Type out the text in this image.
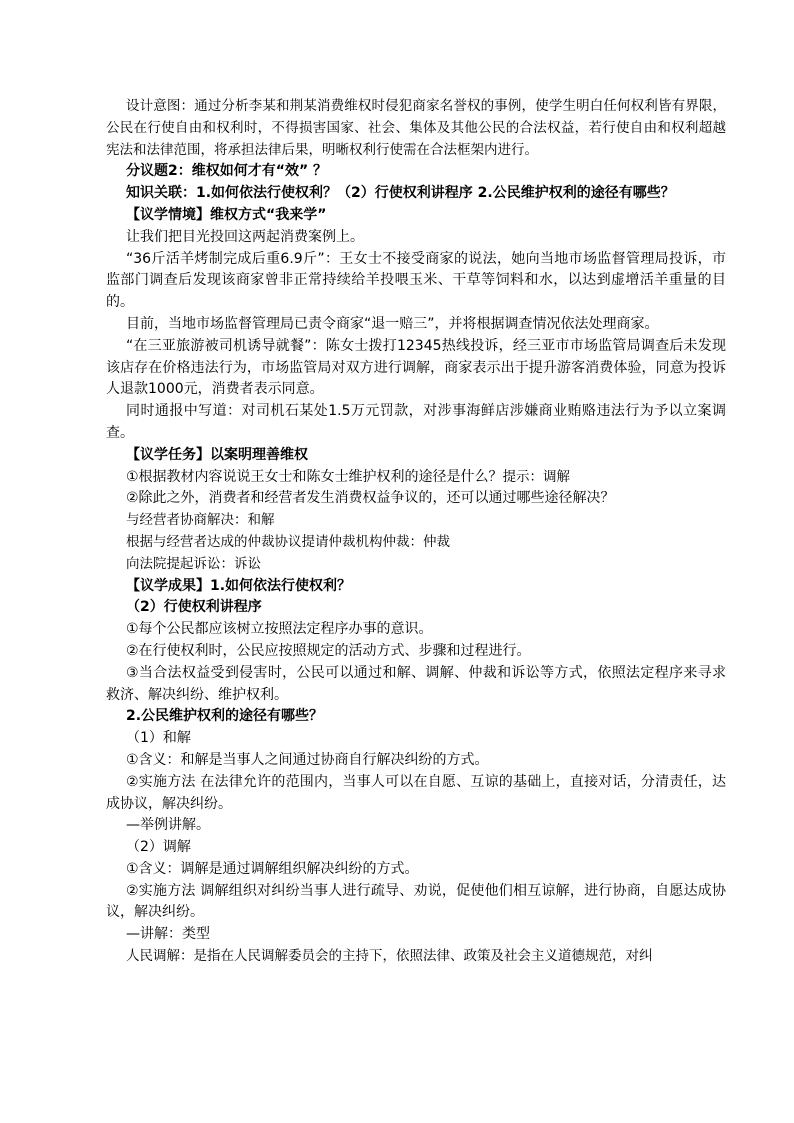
设计意图：通过分析李某和荆某消费维权时侵犯商家名誉权的事例，使学生明白任何权利皆有界限，公民在行使自由和权利时，不得损害国家、社会、集体及其他公民的合法权益，若行使自由和权利超越宪法和法律范围，将承担法律后果，明晰权利行使需在合法框架内进行。

分议题2：维权如何才有“效” ？

知识关联：1.如何依法行使权利？（2）行使权利讲程序 2.公民维护权利的途径有哪些？

【议学情境】维权方式“我来学”

让我们把目光投回这两起消费案例上。

“36斤活羊烤制完成后重6.9斤”：王女士不接受商家的说法，她向当地市场监督管理局投诉，市监部门调查后发现该商家曾非正常持续给羊投喂玉米、干草等饲料和水，以达到虚增活羊重量的目的。

目前，当地市场监督管理局已责令商家“退一赔三”，并将根据调查情况依法处理商家。

“在三亚旅游被司机诱导就餐”：陈女士拨打12345热线投诉，经三亚市市场监管局调查后未发现该店存在价格违法行为，市场监管局对双方进行调解，商家表示出于提升游客消费体验，同意为投诉人退款1000元，消费者表示同意。

同时通报中写道：对司机石某处1.5万元罚款，对涉事海鲜店涉嫌商业贿赂违法行为予以立案调查。

【议学任务】以案明理善维权

①根据教材内容说说王女士和陈女士维护权利的途径是什么？提示：调解

②除此之外，消费者和经营者发生消费权益争议的，还可以通过哪些途径解决？

与经营者协商解决：和解

根据与经营者达成的仲裁协议提请仲裁机构仲裁：仲裁

向法院提起诉讼：诉讼

【议学成果】1.如何依法行使权利？

（2）行使权利讲程序

①每个公民都应该树立按照法定程序办事的意识。

②在行使权利时，公民应按照规定的活动方式、步骤和过程进行。

③当合法权益受到侵害时，公民可以通过和解、调解、仲裁和诉讼等方式，依照法定程序来寻求救济、解决纠纷、维护权利。

2.公民维护权利的途径有哪些？

（1）和解

①含义：和解是当事人之间通过协商自行解决纠纷的方式。

②实施方法 在法律允许的范围内，当事人可以在自愿、互谅的基础上，直接对话，分清责任，达成协议，解决纠纷。

—举例讲解。

（2）调解

①含义：调解是通过调解组织解决纠纷的方式。

②实施方法 调解组织对纠纷当事人进行疏导、劝说，促使他们相互谅解，进行协商，自愿达成协议，解决纠纷。

—讲解：类型

人民调解：是指在人民调解委员会的主持下，依照法律、政策及社会主义道德规范，对纠
